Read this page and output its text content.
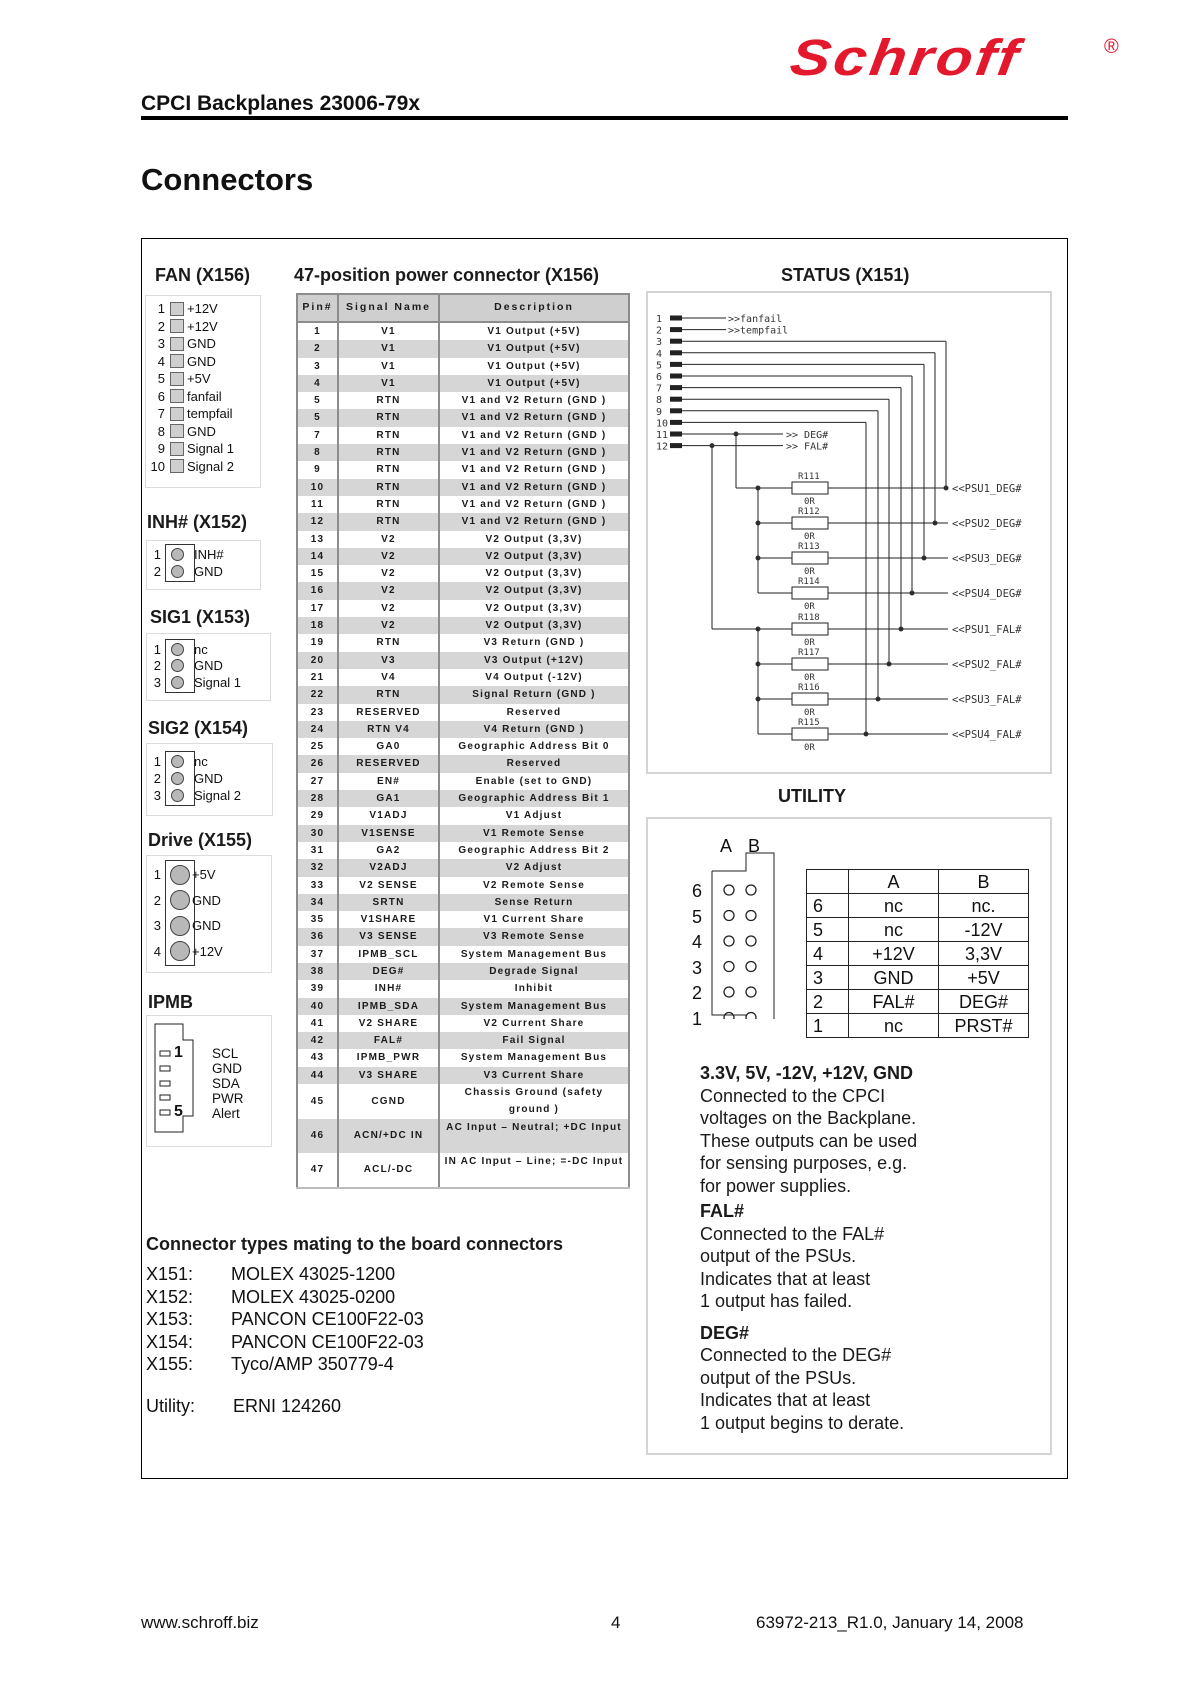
Schroff	®
CPCI Backplanes 23006-79x
Connectors
FAN (X156)
1	+12V
2	+12V
3	GND
4	GND
5	+5V
6	fanfail
7	tempfail
8	GND
9	Signal 1
10	Signal 2
INH# (X152)
1	INH#
2	GND
SIG1 (X153)
1	nc
2	GND
3	Signal 1
SIG2 (X154)
1	nc
2	GND
3	Signal 2
Drive (X155)
1 +5V
2 GND
3 GND
4 +12V
IPMB
1
5
SCL
GND
SDA
PWR
Alert
47-position power connector (X156)
Pin#	Signal Name	Description
1	V1	V1 Output (+5V)
2	V1	V1 Output (+5V)
3	V1	V1 Output (+5V)
4	V1	V1 Output (+5V)
5	RTN	V1 and V2 Return (GND )
5	RTN	V1 and V2 Return (GND )
7	RTN	V1 and V2 Return (GND )
8	RTN	V1 and V2 Return (GND )
9	RTN	V1 and V2 Return (GND )
10	RTN	V1 and V2 Return (GND )
11	RTN	V1 and V2 Return (GND )
12	RTN	V1 and V2 Return (GND )
13	V2	V2 Output (3,3V)
14	V2	V2 Output (3,3V)
15	V2	V2 Output (3,3V)
16	V2	V2 Output (3,3V)
17	V2	V2 Output (3,3V)
18	V2	V2 Output (3,3V)
19	RTN	V3 Return (GND )
20	V3	V3 Output (+12V)
21	V4	V4 Output (-12V)
22	RTN	Signal Return (GND )
23	RESERVED	Reserved
24	RTN V4	V4 Return (GND )
25	GA0	Geographic Address Bit 0
26	RESERVED	Reserved
27	EN#	Enable (set to GND)
28	GA1	Geographic Address Bit 1
29	V1ADJ	V1 Adjust
30	V1SENSE	V1 Remote Sense
31	GA2	Geographic Address Bit 2
32	V2ADJ	V2 Adjust
33	V2 SENSE	V2 Remote Sense
34	SRTN	Sense Return
35	V1SHARE	V1 Current Share
36	V3 SENSE	V3 Remote Sense
37	IPMB_SCL	System Management Bus
38	DEG#	Degrade Signal
39	INH#	Inhibit
40	IPMB_SDA	System Management Bus
41	V2 SHARE	V2 Current Share
42	FAL#	Fail Signal
43	IPMB_PWR	System Management Bus
44	V3 SHARE	V3 Current Share
45	CGND	Chassis Ground (safety ground )
46	ACN/+DC IN	AC Input – Neutral; +DC Input
47	ACL/-DC	IN AC Input – Line; =-DC Input
STATUS (X151)
1	>>fanfail
2	>>tempfail
3
4
5
6
7
8
9
10
11	>> DEG#
12	>> FAL#
R111
0R
<<PSU1_DEG#
R112
0R
<<PSU2_DEG#
R113
0R
<<PSU3_DEG#
R114
0R
<<PSU4_DEG#
R118
0R
<<PSU1_FAL#
R117
0R
<<PSU2_FAL#
R116
0R
<<PSU3_FAL#
R115
0R
<<PSU4_FAL#
UTILITY
A B
6
5
4
3
2
1
	A	B
6	nc	nc.
5	nc	-12V
4	+12V	3,3V
3	GND	+5V
2	FAL#	DEG#
1	nc	PRST#
3.3V, 5V, -12V, +12V, GND
Connected to the CPCI
voltages on the Backplane.
These outputs can be used
for sensing purposes, e.g.
for power supplies.
FAL#
Connected to the FAL#
output of the PSUs.
Indicates that at least
1 output has failed.
DEG#
Connected to the DEG#
output of the PSUs.
Indicates that at least
1 output begins to derate.
Connector types mating to the board connectors
X151:	MOLEX 43025-1200
X152:	MOLEX 43025-0200
X153:	PANCON CE100F22-03
X154:	PANCON CE100F22-03
X155:	Tyco/AMP 350779-4
Utility:	ERNI 124260
www.schroff.biz	4	63972-213_R1.0, January 14, 2008
